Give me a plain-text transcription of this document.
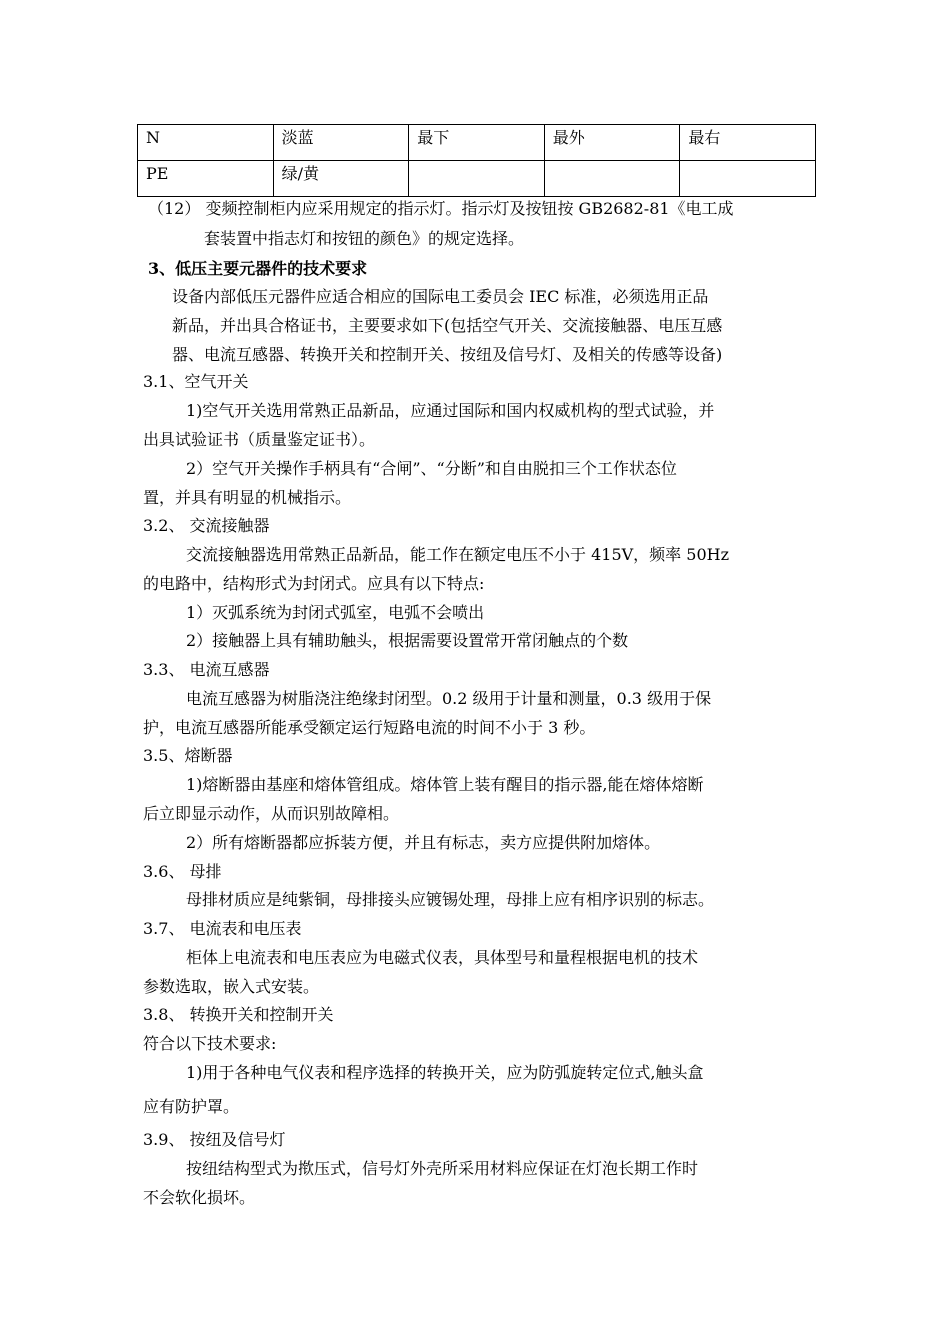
N	淡蓝	最下	最外	最右
PE	绿/黄			
（12） 变频控制柜内应采用规定的指示灯。指示灯及按钮按 GB2682-81《电工成
套装置中指志灯和按钮的颜色》的规定选择。
3、低压主要元器件的技术要求
设备内部低压元器件应适合相应的国际电工委员会 IEC 标准，必须选用正品
新品，并出具合格证书，主要要求如下(包括空气开关、交流接触器、电压互感
器、电流互感器、转换开关和控制开关、按纽及信号灯、及相关的传感等设备)
3.1、空气开关
1)空气开关选用常熟正品新品，应通过国际和国内权威机构的型式试验，并
出具试验证书（质量鉴定证书）。
2）空气开关操作手柄具有“合闸”、“分断”和自由脱扣三个工作状态位
置，并具有明显的机械指示。
3.2、 交流接触器
交流接触器选用常熟正品新品，能工作在额定电压不小于 415V，频率 50Hz
的电路中，结构形式为封闭式。应具有以下特点:
1）灭弧系统为封闭式弧室，电弧不会喷出
2）接触器上具有辅助触头，根据需要设置常开常闭触点的个数
3.3、 电流互感器
电流互感器为树脂浇注绝缘封闭型。0.2 级用于计量和测量，0.3 级用于保
护，电流互感器所能承受额定运行短路电流的时间不小于 3 秒。
3.5、熔断器
1)熔断器由基座和熔体管组成。熔体管上装有醒目的指示器,能在熔体熔断
后立即显示动作，从而识别故障相。
2）所有熔断器都应拆装方便，并且有标志，卖方应提供附加熔体。
3.6、 母排
母排材质应是纯紫铜，母排接头应镀锡处理，母排上应有相序识别的标志。
3.7、 电流表和电压表
柜体上电流表和电压表应为电磁式仪表，具体型号和量程根据电机的技术
参数选取，嵌入式安装。
3.8、 转换开关和控制开关
符合以下技术要求:
1)用于各种电气仪表和程序选择的转换开关，应为防弧旋转定位式,触头盒
应有防护罩。
3.9、 按纽及信号灯
按纽结构型式为揿压式，信号灯外壳所采用材料应保证在灯泡长期工作时
不会软化损坏。
